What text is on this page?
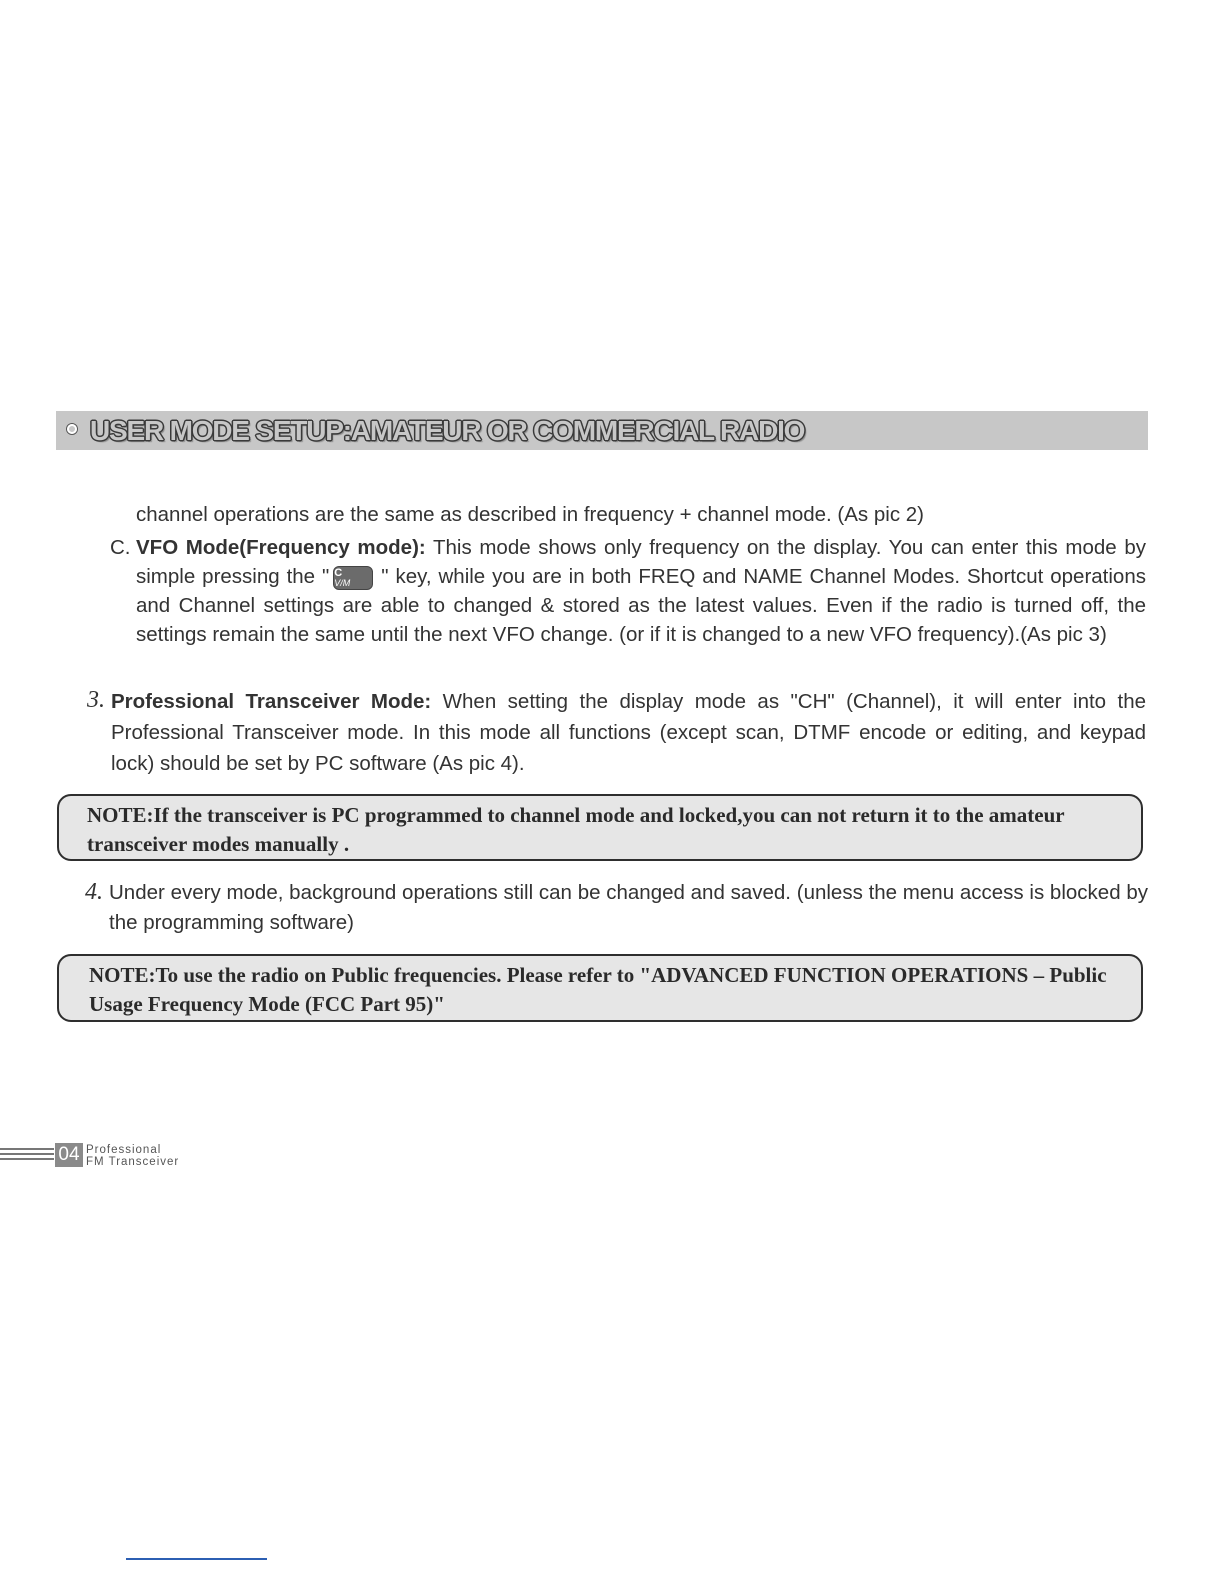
USER MODE SETUP:AMATEUR OR COMMERCIAL RADIO
channel operations are the same as described in frequency + channel mode. (As pic 2)
C. VFO Mode(Frequency mode): This mode shows only frequency on the display. You can enter this mode by simple pressing the " C
V/M	" key, while you are in both FREQ and NAME Channel Modes. Shortcut operations and Channel settings are able to changed & stored as the latest values. Even if the radio is turned off, the settings remain the same until the next VFO change. (or if it is changed to a new VFO frequency).(As pic 3)
3. Professional Transceiver Mode: When setting the display mode as "CH" (Channel), it will enter into the Professional Transceiver mode. In this mode all functions (except scan, DTMF encode or editing, and keypad lock) should be set by PC software (As pic 4).
NOTE:If the transceiver is PC programmed to channel mode and locked,you can not return it to the amateur transceiver modes manually .
4. Under every mode, background operations still can be changed and saved. (unless the menu access is blocked by the programming software)
NOTE:To use the radio on Public frequencies. Please refer to "ADVANCED FUNCTION OPERATIONS – Public Usage Frequency Mode (FCC Part 95)"
04 Professional
FM Transceiver
